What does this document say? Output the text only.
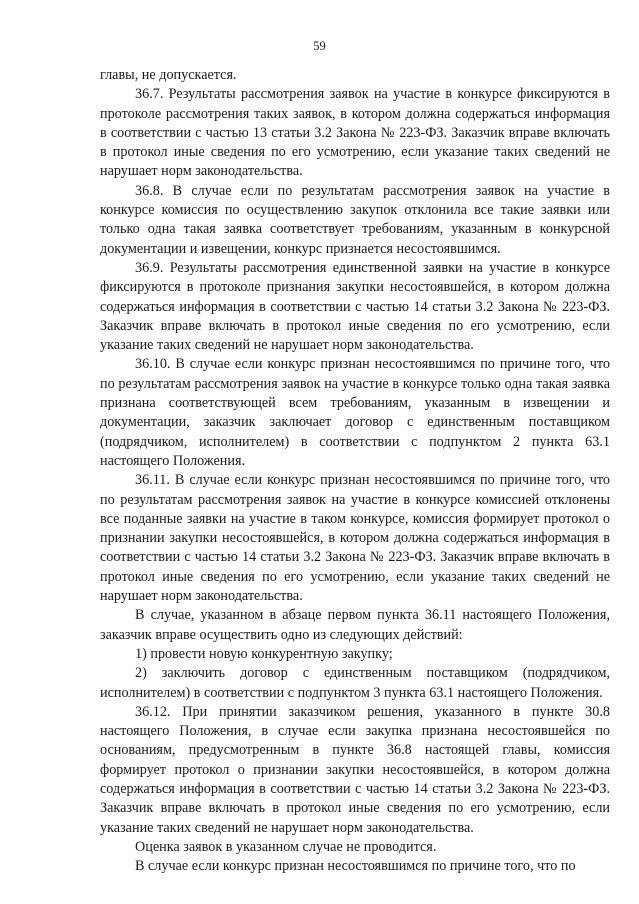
59

главы, не допускается.

36.7. Результаты рассмотрения заявок на участие в конкурсе фиксируются в протоколе рассмотрения таких заявок, в котором должна содержаться информация в соответствии с частью 13 статьи 3.2 Закона № 223-ФЗ. Заказчик вправе включать в протокол иные сведения по его усмотрению, если указание таких сведений не нарушает норм законодательства.

36.8. В случае если по результатам рассмотрения заявок на участие в конкурсе комиссия по осуществлению закупок отклонила все такие заявки или только одна такая заявка соответствует требованиям, указанным в конкурсной документации и извещении, конкурс признается несостоявшимся.

36.9. Результаты рассмотрения единственной заявки на участие в конкурсе фиксируются в протоколе признания закупки несостоявшейся, в котором должна содержаться информация в соответствии с частью 14 статьи 3.2 Закона № 223-ФЗ. Заказчик вправе включать в протокол иные сведения по его усмотрению, если указание таких сведений не нарушает норм законодательства.

36.10. В случае если конкурс признан несостоявшимся по причине того, что по результатам рассмотрения заявок на участие в конкурсе только одна такая заявка признана соответствующей всем требованиям, указанным в извещении и документации, заказчик заключает договор с единственным поставщиком (подрядчиком, исполнителем) в соответствии с подпунктом 2 пункта 63.1 настоящего Положения.

36.11. В случае если конкурс признан несостоявшимся по причине того, что по результатам рассмотрения заявок на участие в конкурсе комиссией отклонены все поданные заявки на участие в таком конкурсе, комиссия формирует протокол о признании закупки несостоявшейся, в котором должна содержаться информация в соответствии с частью 14 статьи 3.2 Закона № 223-ФЗ. Заказчик вправе включать в протокол иные сведения по его усмотрению, если указание таких сведений не нарушает норм законодательства.

В случае, указанном в абзаце первом пункта 36.11 настоящего Положения, заказчик вправе осуществить одно из следующих действий:

1) провести новую конкурентную закупку;

2) заключить договор с единственным поставщиком (подрядчиком, исполнителем) в соответствии с подпунктом 3 пункта 63.1 настоящего Положения.

36.12. При принятии заказчиком решения, указанного в пункте 30.8 настоящего Положения, в случае если закупка признана несостоявшейся по основаниям, предусмотренным в пункте 36.8 настоящей главы, комиссия формирует протокол о признании закупки несостоявшейся, в котором должна содержаться информация в соответствии с частью 14 статьи 3.2 Закона № 223-ФЗ. Заказчик вправе включать в протокол иные сведения по его усмотрению, если указание таких сведений не нарушает норм законодательства.

Оценка заявок в указанном случае не проводится.

В случае если конкурс признан несостоявшимся по причине того, что по
